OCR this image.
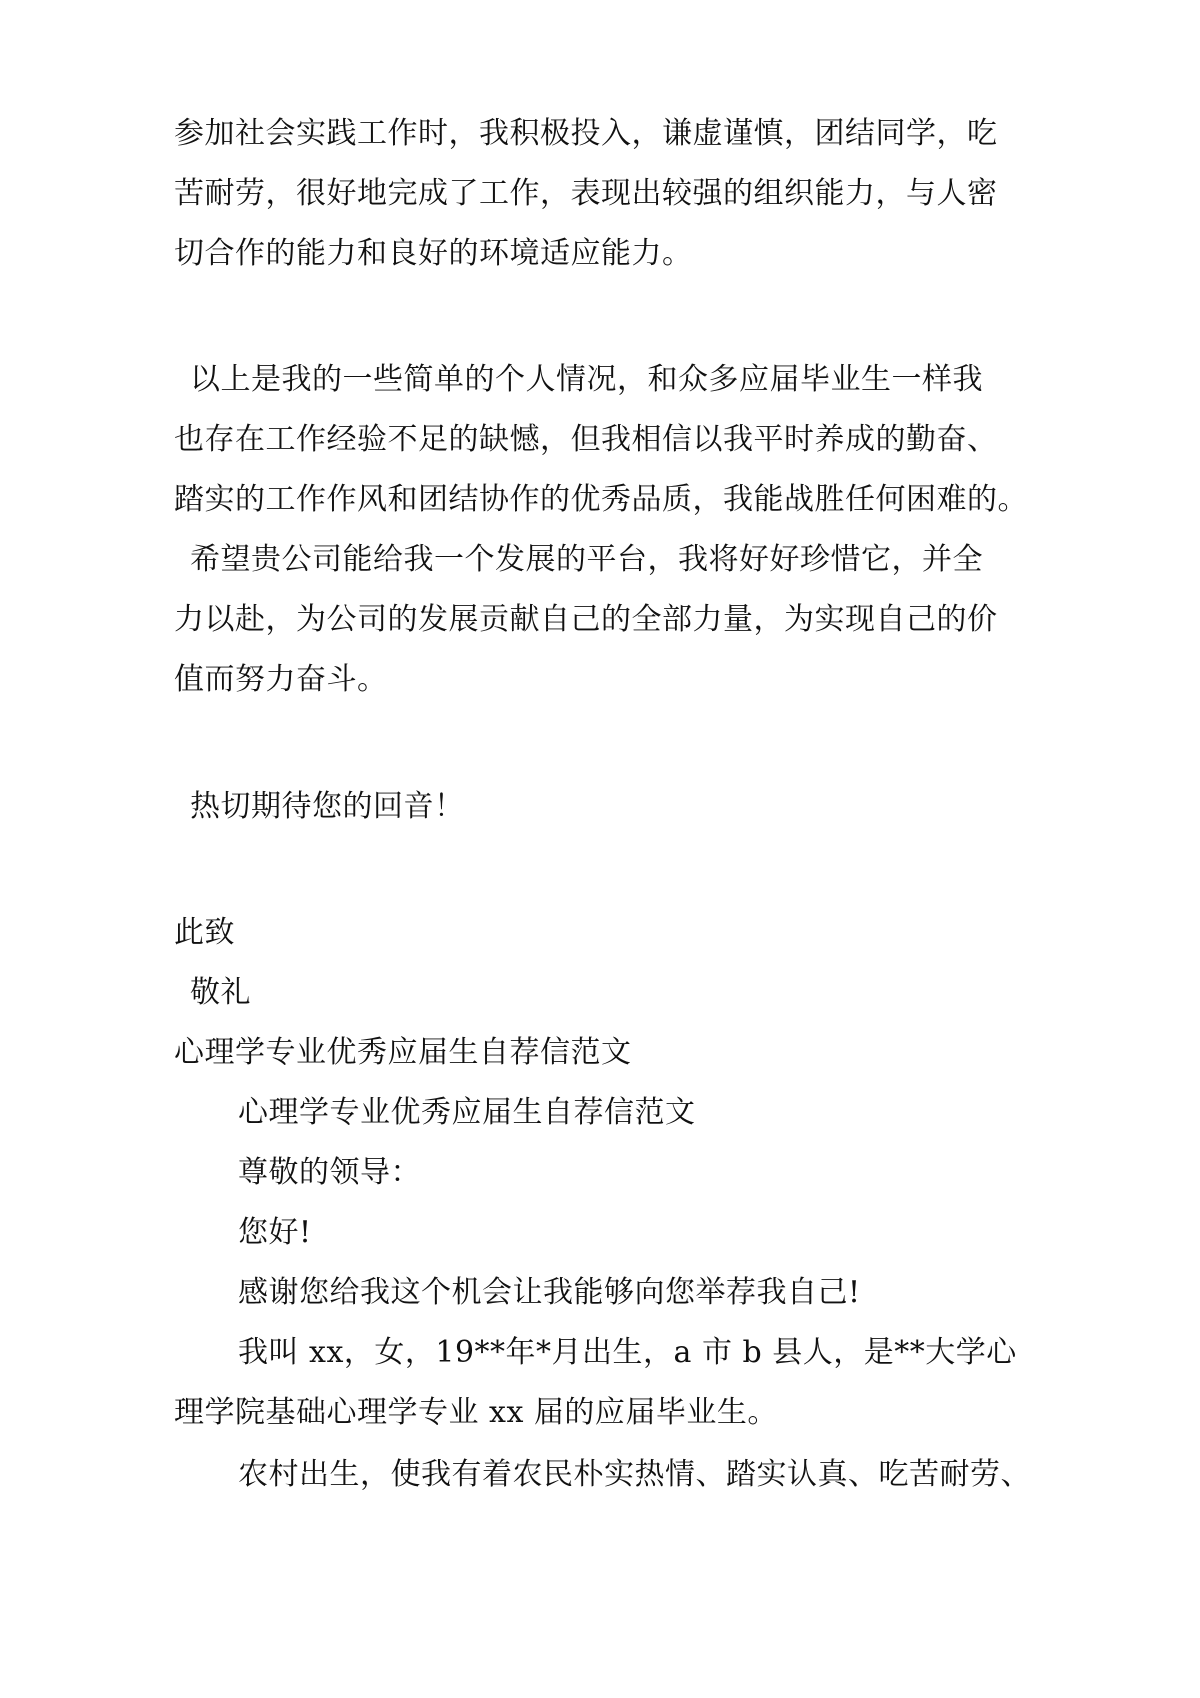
参加社会实践工作时，我积极投入，谦虚谨慎，团结同学，吃
苦耐劳，很好地完成了工作，表现出较强的组织能力，与人密
切合作的能力和良好的环境适应能力。
以上是我的一些简单的个人情况，和众多应届毕业生一样我
也存在工作经验不足的缺憾，但我相信以我平时养成的勤奋、
踏实的工作作风和团结协作的优秀品质，我能战胜任何困难的。
希望贵公司能给我一个发展的平台，我将好好珍惜它，并全
力以赴，为公司的发展贡献自己的全部力量，为实现自己的价
值而努力奋斗。
热切期待您的回音！
此致
敬礼
心理学专业优秀应届生自荐信范文
心理学专业优秀应届生自荐信范文
尊敬的领导：
您好!
感谢您给我这个机会让我能够向您举荐我自己!
我叫 xx，女，19**年*月出生，a 市 b 县人，是**大学心
理学院基础心理学专业 xx 届的应届毕业生。
农村出生，使我有着农民朴实热情、踏实认真、吃苦耐劳、
